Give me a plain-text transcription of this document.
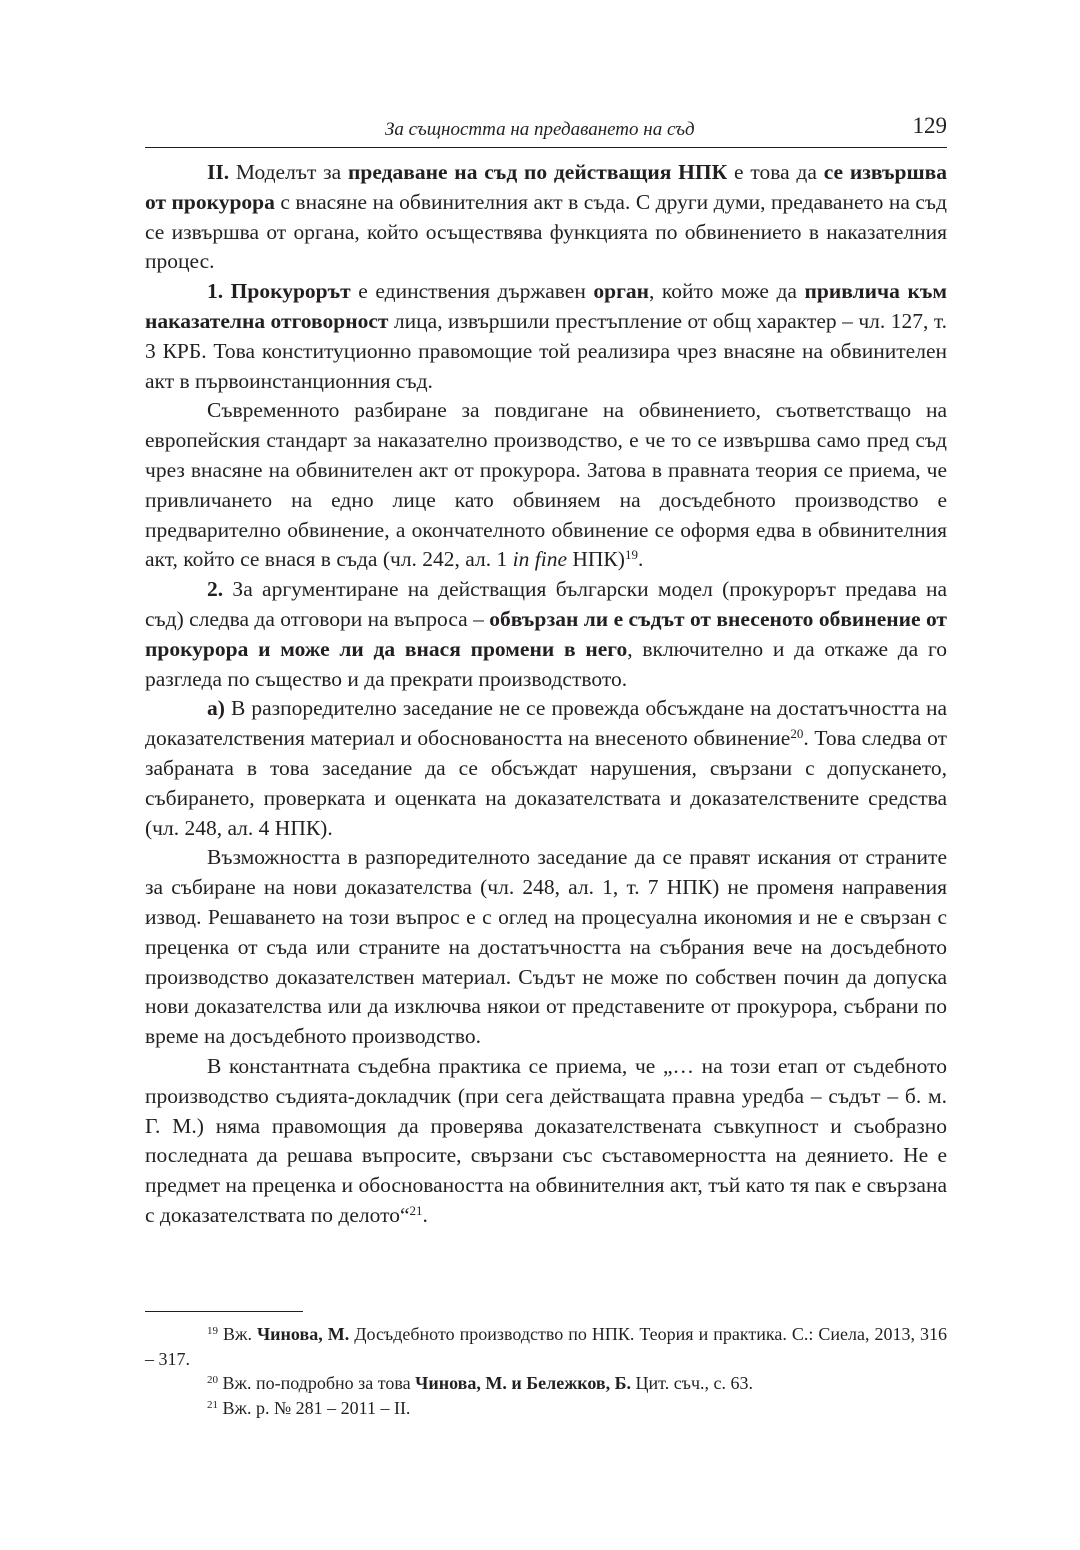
За същността на предаването на съд	129

II. Моделът за предаване на съд по действащия НПК е това да се извършва от прокурора с внасяне на обвинителния акт в съда. С други думи, предаването на съд се извършва от органа, който осъществява функцията по обвинението в наказателния процес.

1. Прокурорът е единствения държавен орган, който може да привлича към наказателна отговорност лица, извършили престъпление от общ характер – чл. 127, т. 3 КРБ. Това конституционно правомощие той реализира чрез внасяне на обвинителен акт в първоинстанционния съд.

Съвременното разбиране за повдигане на обвинението, съответстващо на европейския стандарт за наказателно производство, е че то се извършва само пред съд чрез внасяне на обвинителен акт от прокурора. Затова в правната теория се приема, че привличането на едно лице като обвиняем на досъдебното производство е предварително обвинение, а окончателното обвинение се оформя едва в обвинителния акт, който се внася в съда (чл. 242, ал. 1 in fine НПК)$^{19}$.

2. За аргументиране на действащия български модел (прокурорът предава на съд) следва да отговори на въпроса – обвързан ли е съдът от внесеното обвинение от прокурора и може ли да внася промени в него, включително и да откаже да го разгледа по същество и да прекрати производството.

а) В разпоредително заседание не се провежда обсъждане на достатъчността на доказателствения материал и обосноваността на внесеното обвинение$^{20}$. Това следва от забраната в това заседание да се обсъждат нарушения, свързани с допускането, събирането, проверката и оценката на доказателствата и доказателствените средства (чл. 248, ал. 4 НПК).

Възможността в разпоредителното заседание да се правят искания от страните за събиране на нови доказателства (чл. 248, ал. 1, т. 7 НПК) не променя направения извод. Решаването на този въпрос е с оглед на процесуална икономия и не е свързан с преценка от съда или страните на достатъчността на събрания вече на досъдебното производство доказателствен материал. Съдът не може по собствен почин да допуска нови доказателства или да изключва някои от представените от прокурора, събрани по време на досъдебното производство.

В константната съдебна практика се приема, че „… на този етап от съдебното производство съдията-докладчик (при сега действащата правна уредба – съдът – б. м. Г. М.) няма правомощия да проверява доказателствената съвкупност и съобразно последната да решава въпросите, свързани със съставомерността на деянието. Не е предмет на преценка и обосноваността на обвинителния акт, тъй като тя пак е свързана с доказателствата по делото“$^{21}$.

$^{19}$ Вж. Чинова, М. Досъдебното производство по НПК. Теория и практика. С.: Сиела, 2013, 316 – 317.

$^{20}$ Вж. по-подробно за това Чинова, М. и Бележков, Б. Цит. съч., с. 63.

$^{21}$ Вж. р. № 281 – 2011 – II.
